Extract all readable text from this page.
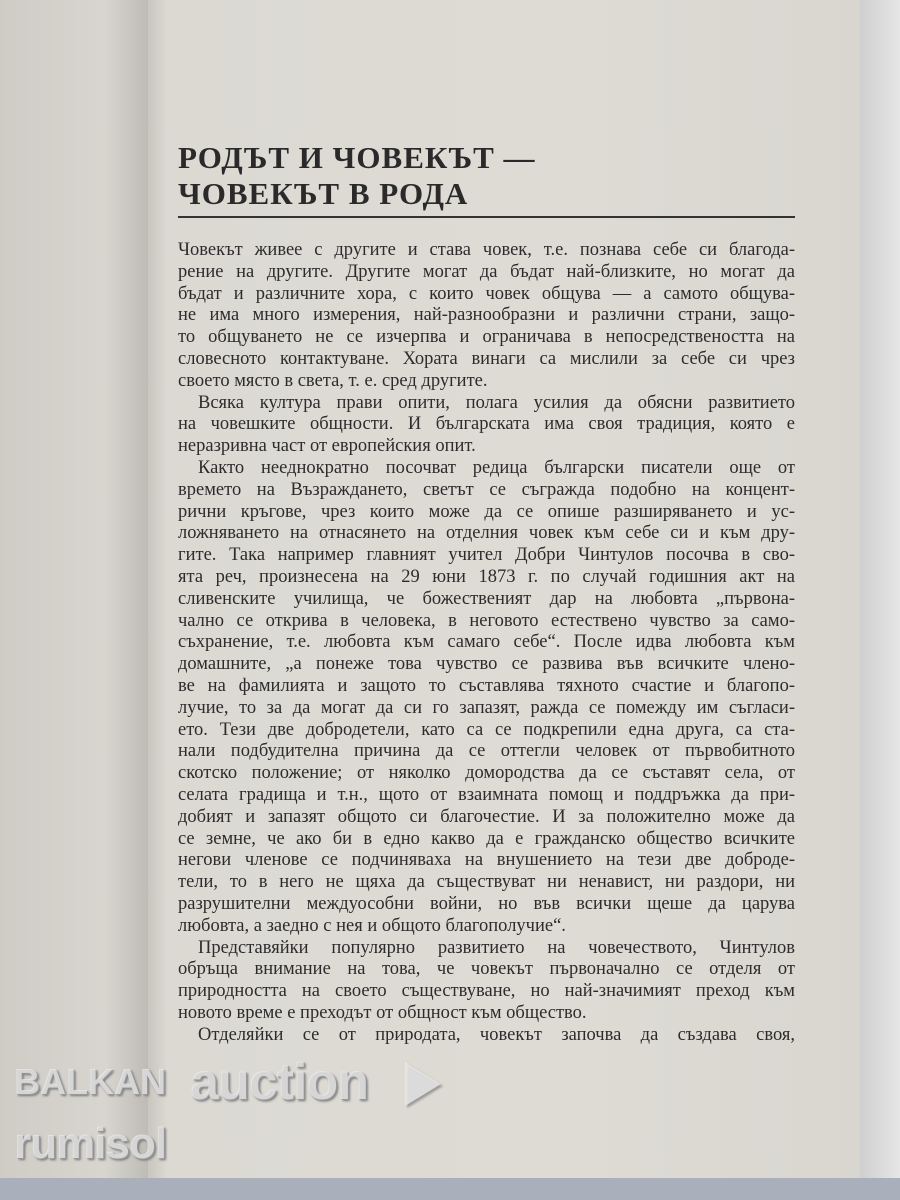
РОДЪТ И ЧОВЕКЪТ —
ЧОВЕКЪТ В РОДА
Човекът живее с другите и става човек, т.е. познава себе си благода-
рение на другите. Другите могат да бъдат най-близките, но могат да
бъдат и различните хора, с които човек общува — а самото общува-
не има много измерения, най-разнообразни и различни страни, защо-
то общуването не се изчерпва и ограничава в непосредствеността на
словесното контактуване. Хората винаги са мислили за себе си чрез
своето място в света, т. е. сред другите.
Всяка култура прави опити, полага усилия да обясни развитието
на човешките общности. И българската има своя традиция, която е
неразривна част от европейския опит.
Както нееднократно посочват редица български писатели още от
времето на Възраждането, светът се съгражда подобно на концент-
рични кръгове, чрез които може да се опише разширяването и ус-
ложняването на отнасянето на отделния човек към себе си и към дру-
гите. Така например главният учител Добри Чинтулов посочва в сво-
ята реч, произнесена на 29 юни 1873 г. по случай годишния акт на
сливенските училища, че божественият дар на любовта „първона-
чално се открива в человека, в неговото естествено чувство за само-
съхранение, т.е. любовта към самаго себе“. После идва любовта към
домашните, „а понеже това чувство се развива във всичките члено-
ве на фамилията и защото то съставлява тяхното счастие и благопо-
лучие, то за да могат да си го запазят, ражда се помежду им съгласи-
ето. Тези две добродетели, като са се подкрепили една друга, са ста-
нали подбудителна причина да се оттегли человек от първобитното
скотско положение; от няколко домородства да се съставят села, от
селата градища и т.н., щото от взаимната помощ и поддръжка да при-
добият и запазят общото си благочестие. И за положително може да
се земне, че ако би в едно какво да е гражданско общество всичките
негови членове се подчиняваха на внушението на тези две доброде-
тели, то в него не щяха да съществуват ни ненавист, ни раздори, ни
разрушителни междуособни войни, но във всички щеше да царува
любовта, а заедно с нея и общото благополучие“.
Представяйки популярно развитието на човечеството, Чинтулов
обръща внимание на това, че човекът първоначално се отделя от
природността на своето съществуване, но най-значимият преход към
новото време е преходът от общност към общество.
Отделяйки се от природата, човекът започва да създава своя,
BALKAN auction
rumisol
